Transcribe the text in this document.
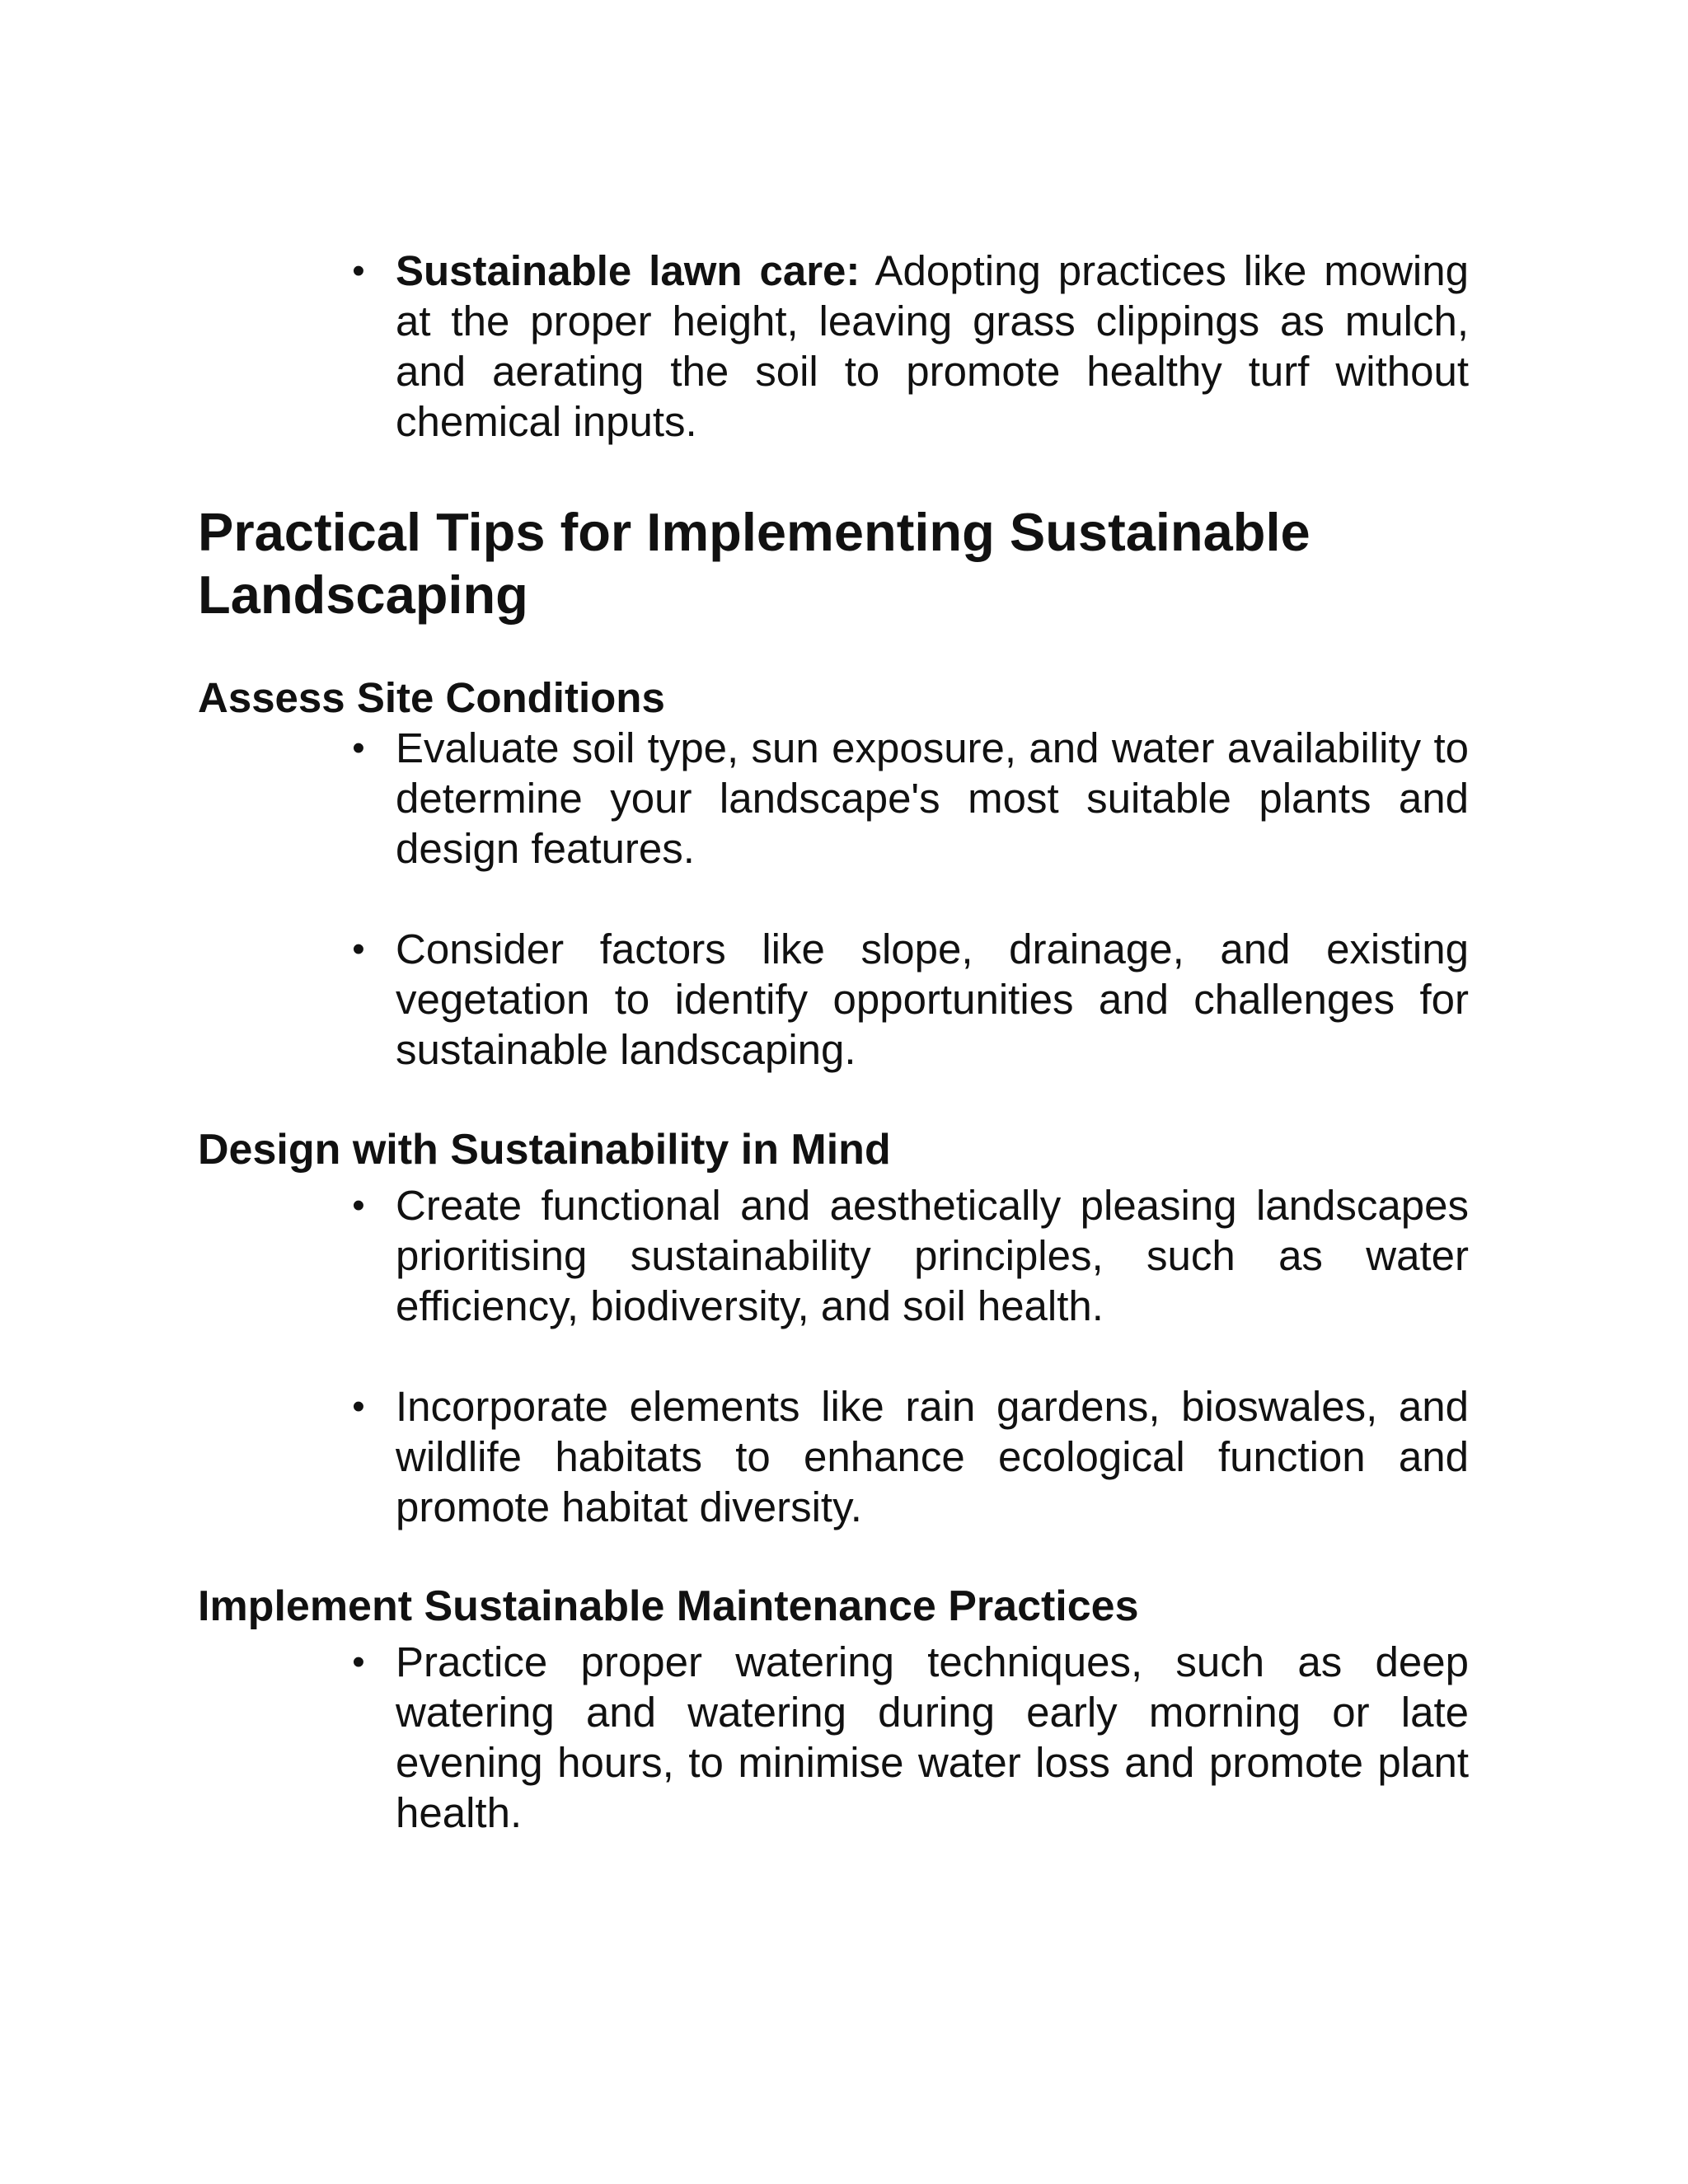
• Sustainable lawn care: Adopting practices like mowing at the proper height, leaving grass clippings as mulch, and aerating the soil to promote healthy turf without chemical inputs.
Practical Tips for Implementing Sustainable Landscaping
Assess Site Conditions
• Evaluate soil type, sun exposure, and water availability to determine your landscape's most suitable plants and design features.
• Consider factors like slope, drainage, and existing vegetation to identify opportunities and challenges for sustainable landscaping.
Design with Sustainability in Mind
• Create functional and aesthetically pleasing landscapes prioritising sustainability principles, such as water efficiency, biodiversity, and soil health.
• Incorporate elements like rain gardens, bioswales, and wildlife habitats to enhance ecological function and promote habitat diversity.
Implement Sustainable Maintenance Practices
• Practice proper watering techniques, such as deep watering and watering during early morning or late evening hours, to minimise water loss and promote plant health.
